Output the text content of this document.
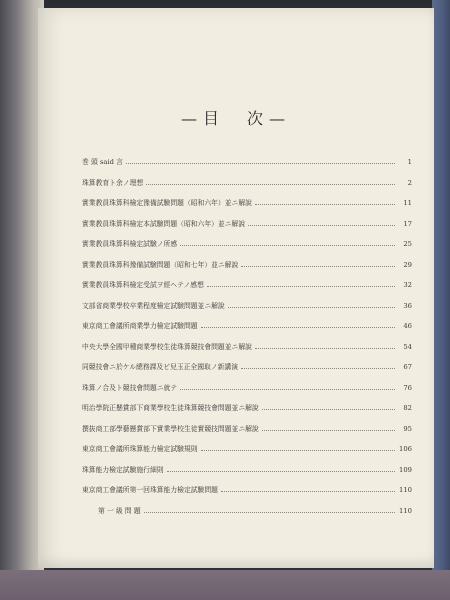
—目　次—
巻 頭 said 言	1
珠算教育ト余ノ理想	2
實業教員珠算科檢定豫備試驗問題（昭和六年）並ニ解說	11
實業教員珠算科檢定本試驗問題（昭和六年）並ニ解說	17
實業教員珠算科檢定試驗ノ所感	25
實業教員珠算科豫備試驗問題（昭和七年）並ニ解說	29
實業教員珠算科檢定受試ヲ經ヘテノ感想	32
文部省商業學校卒業程度檢定試驗問題並ニ解說	36
東京商工會議所商業學力檢定試驗問題	46
中央大學全國甲種商業學校生徒珠算競技會問題並ニ解說	54
同競技會ニ於ケル總務課及ビ兒玉正全國取ノ新講演	67
珠算ノ合及ト競技會問題ニ就テ	76
明治學院正懸賞部下商業學校生徒珠算競技會問題並ニ解說	82
撰抜商工部學藝懸賞部下實業學校生徒實競技問題並ニ解說	95
東京商工會議所珠算能力檢定試驗規則	106
珠算能力檢定試驗施行細則	109
東京商工會議所第一回珠算能力檢定試驗問題	110
第 一 級 問 題	110
